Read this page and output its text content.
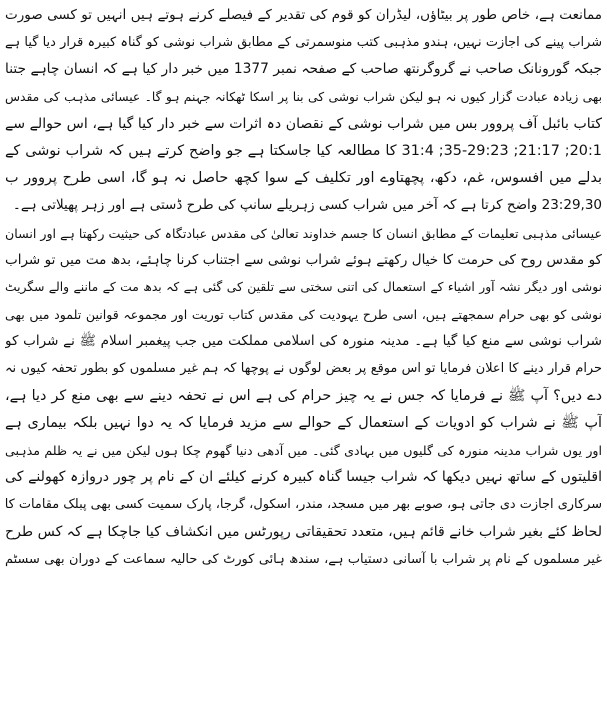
ممانعت ہے، خاص طور پر بیٹاؤں، لیڈران کو قوم کی تقدیر کے فیصلے کرنے ہوتے ہیں انہیں تو کسی صورت
شراب پینے کی اجازت نہیں، ہندو مذہبی کتب منوسمرتی کے مطابق شراب نوشی کو گناہ کبیرہ قرار دیا گیا ہے
جبکہ گورونانک صاحب نے گروگرنتھ صاحب کے صفحہ نمبر 1377 میں خبر دار کیا ہے کہ انسان چاہے جتنا
بھی زیادہ عبادت گزار کیوں نہ ہو لیکن شراب نوشی کی بنا پر اسکا ٹھکانہ جہنم ہو گا۔ عیسائی مذہب کی مقدس
کتاب بائبل آف پروور بس میں شراب نوشی کے نقصان دہ اثرات سے خبر دار کیا گیا ہے، اس حوالے سے
20:1; 21:17; 35-29:23; 31:4 کا مطالعہ کیا جاسکتا ہے جو واضح کرتے ہیں کہ شراب نوشی کے
بدلے میں افسوس، غم، دکھ، پچھتاوے اور تکلیف کے سوا کچھ حاصل نہ ہو گا، اسی طرح پروور ب
23:29,30 واضح کرتا ہے کہ آخر میں شراب کسی زہریلے سانپ کی طرح ڈستی ہے اور زہر پھیلاتی ہے۔
عیسائی مذہبی تعلیمات کے مطابق انسان کا جسم خداوند تعالیٰ کی مقدس عبادتگاہ کی حیثیت رکھتا ہے اور انسان
کو مقدس روح کی حرمت کا خیال رکھتے ہوئے شراب نوشی سے اجتناب کرنا چاہئے، بدھ مت میں تو شراب
نوشی اور دیگر نشہ آور اشیاء کے استعمال کی اتنی سختی سے تلقین کی گئی ہے کہ بدھ مت کے ماننے والے سگریٹ
نوشی کو بھی حرام سمجھتے ہیں، اسی طرح یہودیت کی مقدس کتاب توریت اور مجموعہ قوانین تلمود میں بھی
شراب نوشی سے منع کیا گیا ہے۔ مدینہ منورہ کی اسلامی مملکت میں جب پیغمبر اسلام ﷺ نے شراب کو
حرام قرار دینے کا اعلان فرمایا تو اس موقع پر بعض لوگوں نے پوچھا کہ ہم غیر مسلموں کو بطور تحفہ کیوں نہ
دے دیں؟ آپ ﷺ نے فرمایا کہ جس نے یہ چیز حرام کی ہے اس نے تحفہ دینے سے بھی منع کر دیا ہے،
آپ ﷺ نے شراب کو ادویات کے استعمال کے حوالے سے مزید فرمایا کہ یہ دوا نہیں بلکہ بیماری ہے
اور یوں شراب مدینہ منورہ کی گلیوں میں بہادی گئی۔ میں آدھی دنیا گھوم چکا ہوں لیکن میں نے یہ ظلم مذہبی
اقلیتوں کے ساتھ نہیں دیکھا کہ شراب جیسا گناہ کبیرہ کرنے کیلئے ان کے نام پر چور دروازہ کھولنے کی
سرکاری اجازت دی جاتی ہو، صوبے بھر میں مسجد، مندر، اسکول، گرجا، پارک سمیت کسی بھی پبلک مقامات کا
لحاظ کئے بغیر شراب خانے قائم ہیں، متعدد تحقیقاتی رپورٹس میں انکشاف کیا جاچکا ہے کہ کس طرح
غیر مسلموں کے نام پر شراب با آسانی دستیاب ہے، سندھ ہائی کورٹ کی حالیہ سماعت کے دوران بھی سسٹم
